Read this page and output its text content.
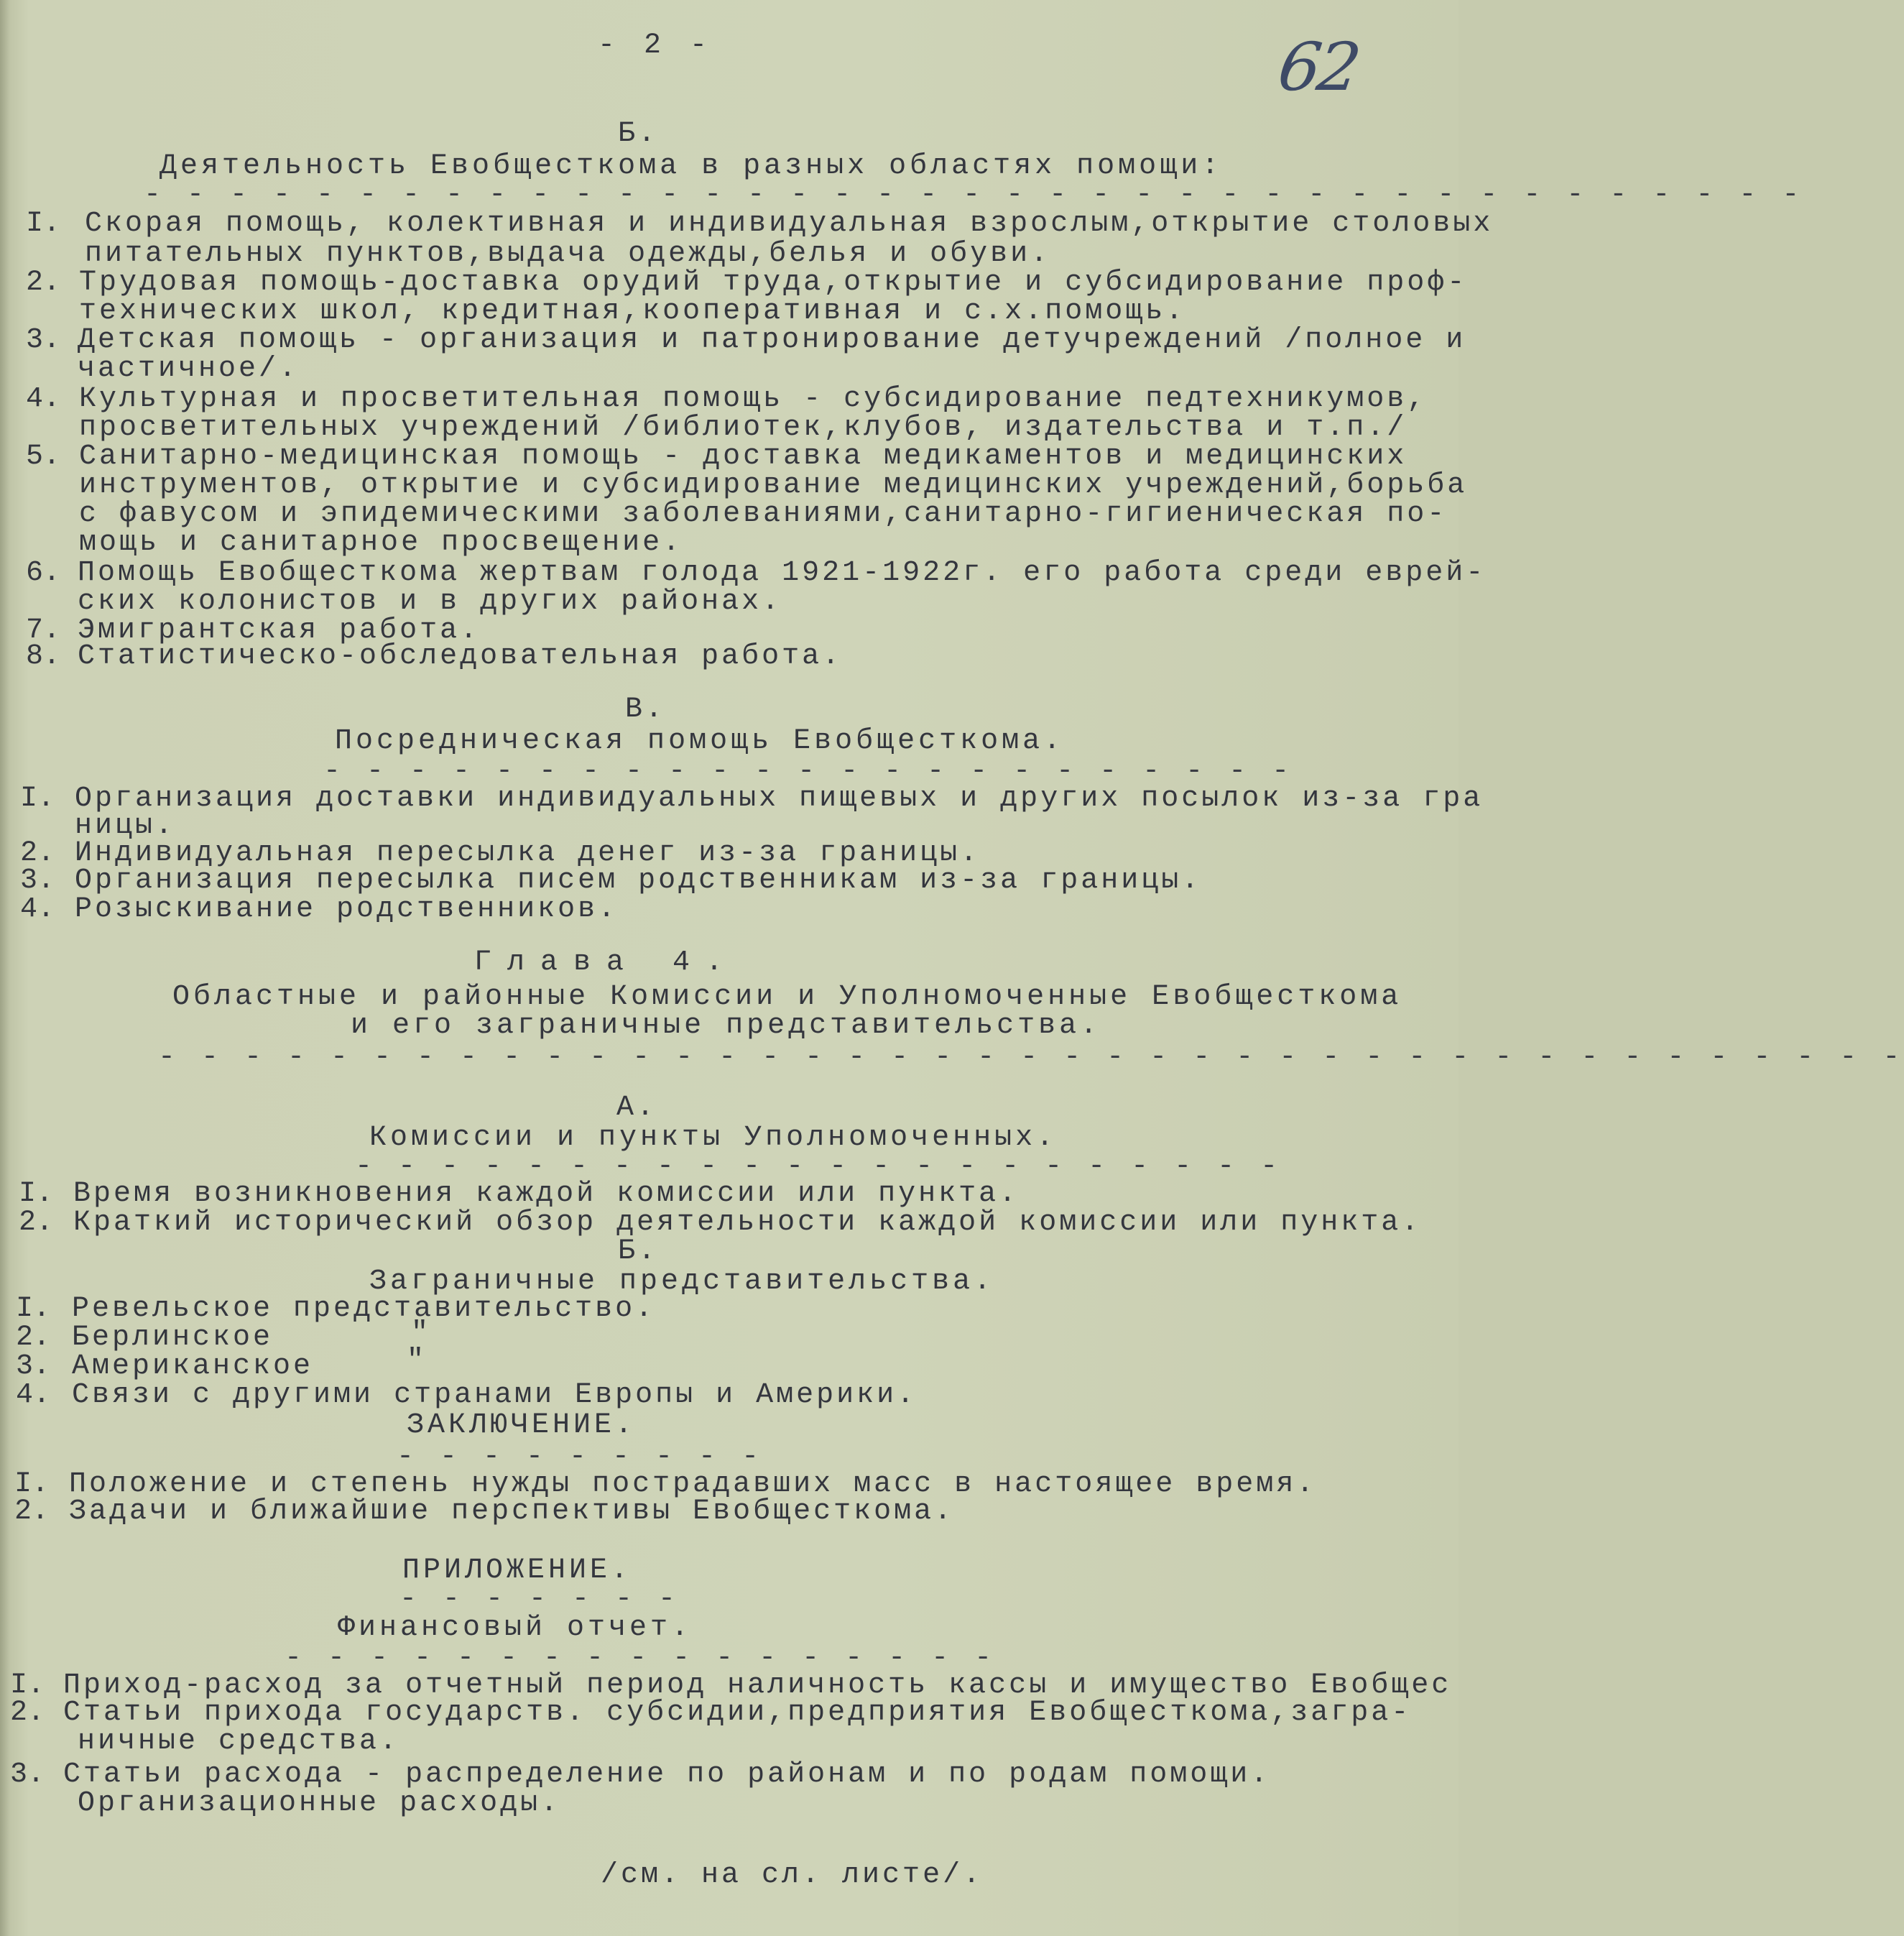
- 2 -	62
Б.
Деятельность Евобщесткома в разных областях помощи:
- - - - - - - - - - - - - - - - - - - - - - - - - - - - - - - - - - - - - - -
I. Скорая помощь, колективная и индивидуальная взрослым,открытие столовых
питательных пунктов,выдача одежды,белья и обуви.
2. Трудовая помощь-доставка орудий труда,открытие и субсидирование проф-
технических школ, кредитная,кооперативная и с.х.помощь.
3. Детская помощь - организация и патронирование детучреждений /полное и
частичное/.
4. Культурная и просветительная помощь - субсидирование педтехникумов,
просветительных учреждений /библиотек,клубов, издательства и т.п./
5. Санитарно-медицинская помощь - доставка медикаментов и медицинских
инструментов, открытие и субсидирование медицинских учреждений,борьба
с фавусом и эпидемическими заболеваниями,санитарно-гигиеническая по-
мощь и санитарное просвещение.
6. Помощь Евобщесткома жертвам голода 1921-1922г. его работа среди еврей-
ских колонистов и в других районах.
7. Эмигрантская работа.
8. Статистическо-обследовательная работа.
В.
Посредническая помощь Евобщесткома.
- - - - - - - - - - - - - - - - - - - - - - -
I. Организация доставки индивидуальных пищевых и других посылок из-за гра
ницы.
2. Индивидуальная пересылка денег из-за границы.
3. Организация пересылка писем родственникам из-за границы.
4. Розыскивание родственников.
Глава 4.
Областные и районные Комиссии и Уполномоченные Евобщесткома
и его заграничные представительства.
- - - - - - - - - - - - - - - - - - - - - - - - - - - - - - - - - - - - - - - - -
А.
Комиссии и пункты Уполномоченных.
- - - - - - - - - - - - - - - - - - - - - -
I. Время возникновения каждой комиссии или пункта.
2. Краткий исторический обзор деятельности каждой комиссии или пункта.
Б.
Заграничные представительства.
I. Ревельское представительство.
2. Берлинское	"
3. Американское	"
4. Связи с другими странами Европы и Америки.
ЗАКЛЮЧЕНИЕ.
- - - - - - - - -
I. Положение и степень нужды пострадавших масс в настоящее время.
2. Задачи и ближайшие перспективы Евобщесткома.
ПРИЛОЖЕНИЕ.
- - - - - - -
Финансовый отчет.
- - - - - - - - - - - - - - - - -
I. Приход-расход за отчетный период наличность кассы и имущество Евобщес
2. Статьи прихода государств. субсидии,предприятия Евобщесткома,загра-
ничные средства.
3. Статьи расхода - распределение по районам и по родам помощи.
Организационные расходы.
/см. на сл. листе/.
